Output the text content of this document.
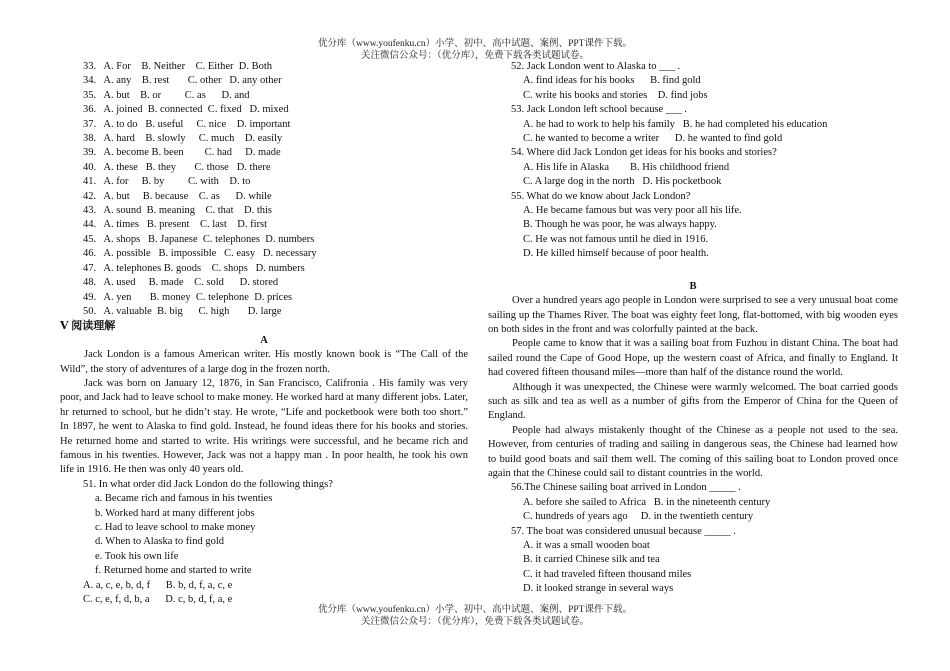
优分库（www.youfenku.cn）小学、初中、高中试题、案例、PPT课件下载。
关注微信公众号：（优分库），免费下载各类试题试卷。
33.   A. For    B. Neither    C. Either  D. Both
34.   A. any    B. rest       C. other   D. any other
35.   A. but    B. or         C. as      D. and
36.   A. joined  B. connected  C. fixed   D. mixed
37.   A. to do   B. useful     C. nice    D. important
38.   A. hard    B. slowly     C. much    D. easily
39.   A. become B. been        C. had     D. made
40.   A. these   B. they       C. those   D. there
41.   A. for     B. by         C. with    D. to
42.   A. but     B. because    C. as      D. while
43.   A. sound  B. meaning    C. that    D. this
44.   A. times   B. present    C. last    D. first
45.   A. shops   B. Japanese  C. telephones  D. numbers
46.   A. possible   B. impossible   C. easy   D. necessary
47.   A. telephones B. goods    C. shops   D. numbers
48.   A. used     B. made    C. sold      D. stored
49.   A. yen       B. money  C. telephone  D. prices
50.   A. valuable  B. big      C. high       D. large
Ⅴ 阅读理解
A

Jack London is a famous American writer. His mostly known book is “The Call of the Wild”, the story of adventures of a large dog in the frozen north.

Jack was born on January 12, 1876, in San Francisco, Califronia . His family was very poor, and Jack had to leave school to make money. He worked hard at many different jobs. Later, hr returned to school, but he didn’t stay. He wrote, “Life and pocketbook were both too short.” In 1897, he went to Alaska to find gold. Instead, he found ideas there for his books and stories. He returned home and started to write. His writings were successful, and he became rich and famous in his twenties. However, Jack was not a happy man . In poor health, he took his own life in 1916. He then was only 40 years old.

51. In what order did Jack London do the following things?
a. Became rich and famous in his twenties
b. Worked hard at many different jobs
c. Had to leave school to make money
d. When to Alaska to find gold
e. Took his own life
f. Returned home and started to write
A. a, c, e, b, d, f      B. b, d, f, a, c, e
C. c, e, f, d, b, a      D. c, b, d, f, a, e
52. Jack London went to Alaska to ___ .
A. find ideas for his books      B. find gold
C. write his books and stories    D. find jobs
53. Jack London left school because ___ .
A. he had to work to help his family   B. he had completed his education
C. he wanted to become a writer      D. he wanted to find gold
54. Where did Jack London get ideas for his books and stories?
A. His life in Alaska        B. His childhood friend
C. A large dog in the north   D. His pocketbook
55. What do we know about Jack London?
A. He became famous but was very poor all his life.
B. Though he was poor, he was always happy.
C. He was not famous until he died in 1916.
D. He killed himself because of poor health.
B

Over a hundred years ago people in London were surprised to see a very unusual boat come sailing up the Thames River. The boat was eighty feet long, flat-bottomed, with big wooden eyes on both sides in the front and was colorfully painted at the back.

People came to know that it was a sailing boat from Fuzhou in distant China. The boat had sailed round the Cape of Good Hope, up the western coast of Africa, and finally to England. It had covered fifteen thousand miles—more than half of the distance round the world.

Although it was unexpected, the Chinese were warmly welcomed. The boat carried goods such as silk and tea as well as a number of gifts from the Emperor of China for the Queen of England.

People had always mistakenly thought of the Chinese as a people not used to the sea. However, from centuries of trading and sailing in dangerous seas, the Chinese had learned how to build good boats and sail them well. The coming of this sailing boat to London proved once again that the Chinese could sail to distant countries in the world.

56.The Chinese sailing boat arrived in London _____ .
A. before she sailed to Africa   B. in the nineteenth century
C. hundreds of years ago     D. in the twentieth century
57. The boat was considered unusual because _____ .
A. it was a small wooden boat
B. it carried Chinese silk and tea
C. it had traveled fifteen thousand miles
D. it looked strange in several ways
优分库（www.youfenku.cn）小学、初中、高中试题、案例、PPT课件下载。
关注微信公众号：（优分库），免费下载各类试题试卷。
